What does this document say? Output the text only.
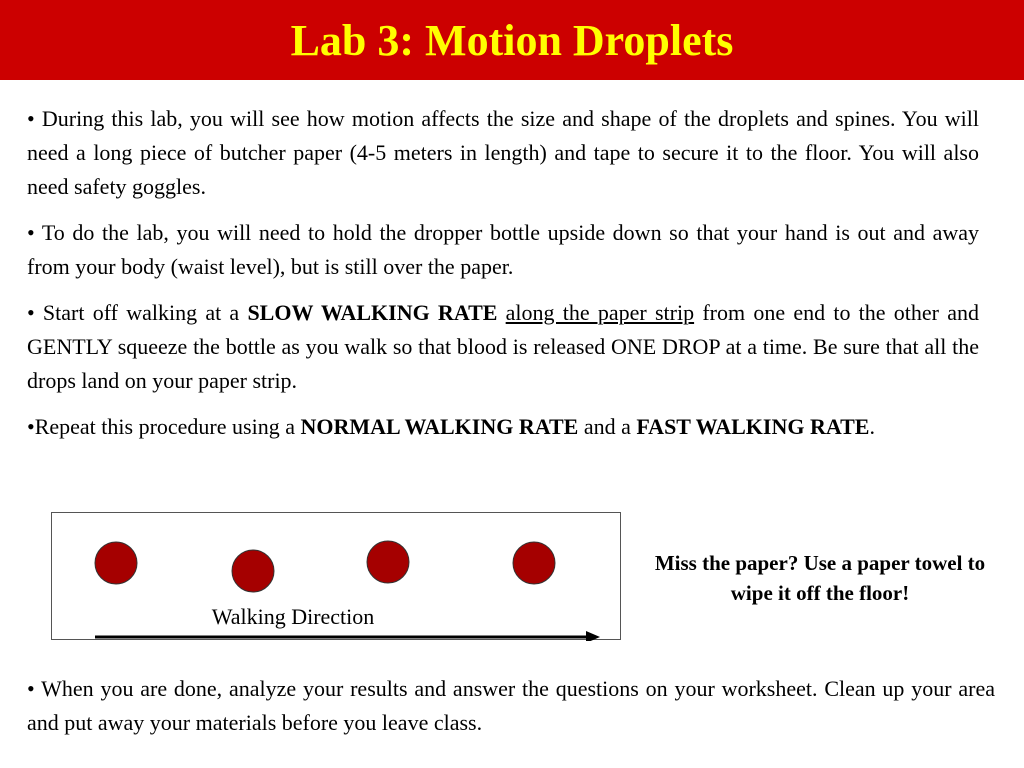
Lab 3: Motion Droplets

• During this lab, you will see how motion affects the size and shape of the droplets and spines. You will need a long piece of butcher paper (4-5 meters in length) and tape to secure it to the floor. You will also need safety goggles.

• To do the lab, you will need to hold the dropper bottle upside down so that your hand is out and away from your body (waist level), but is still over the paper.

• Start off walking at a SLOW WALKING RATE along the paper strip from one end to the other and GENTLY squeeze the bottle as you walk so that blood is released ONE DROP at a time. Be sure that all the drops land on your paper strip.

•Repeat this procedure using a NORMAL WALKING RATE and a FAST WALKING RATE.

Walking Direction
Miss the paper? Use a paper towel to wipe it off the floor!

• When you are done, analyze your results and answer the questions on your worksheet. Clean up your area and put away your materials before you leave class.
